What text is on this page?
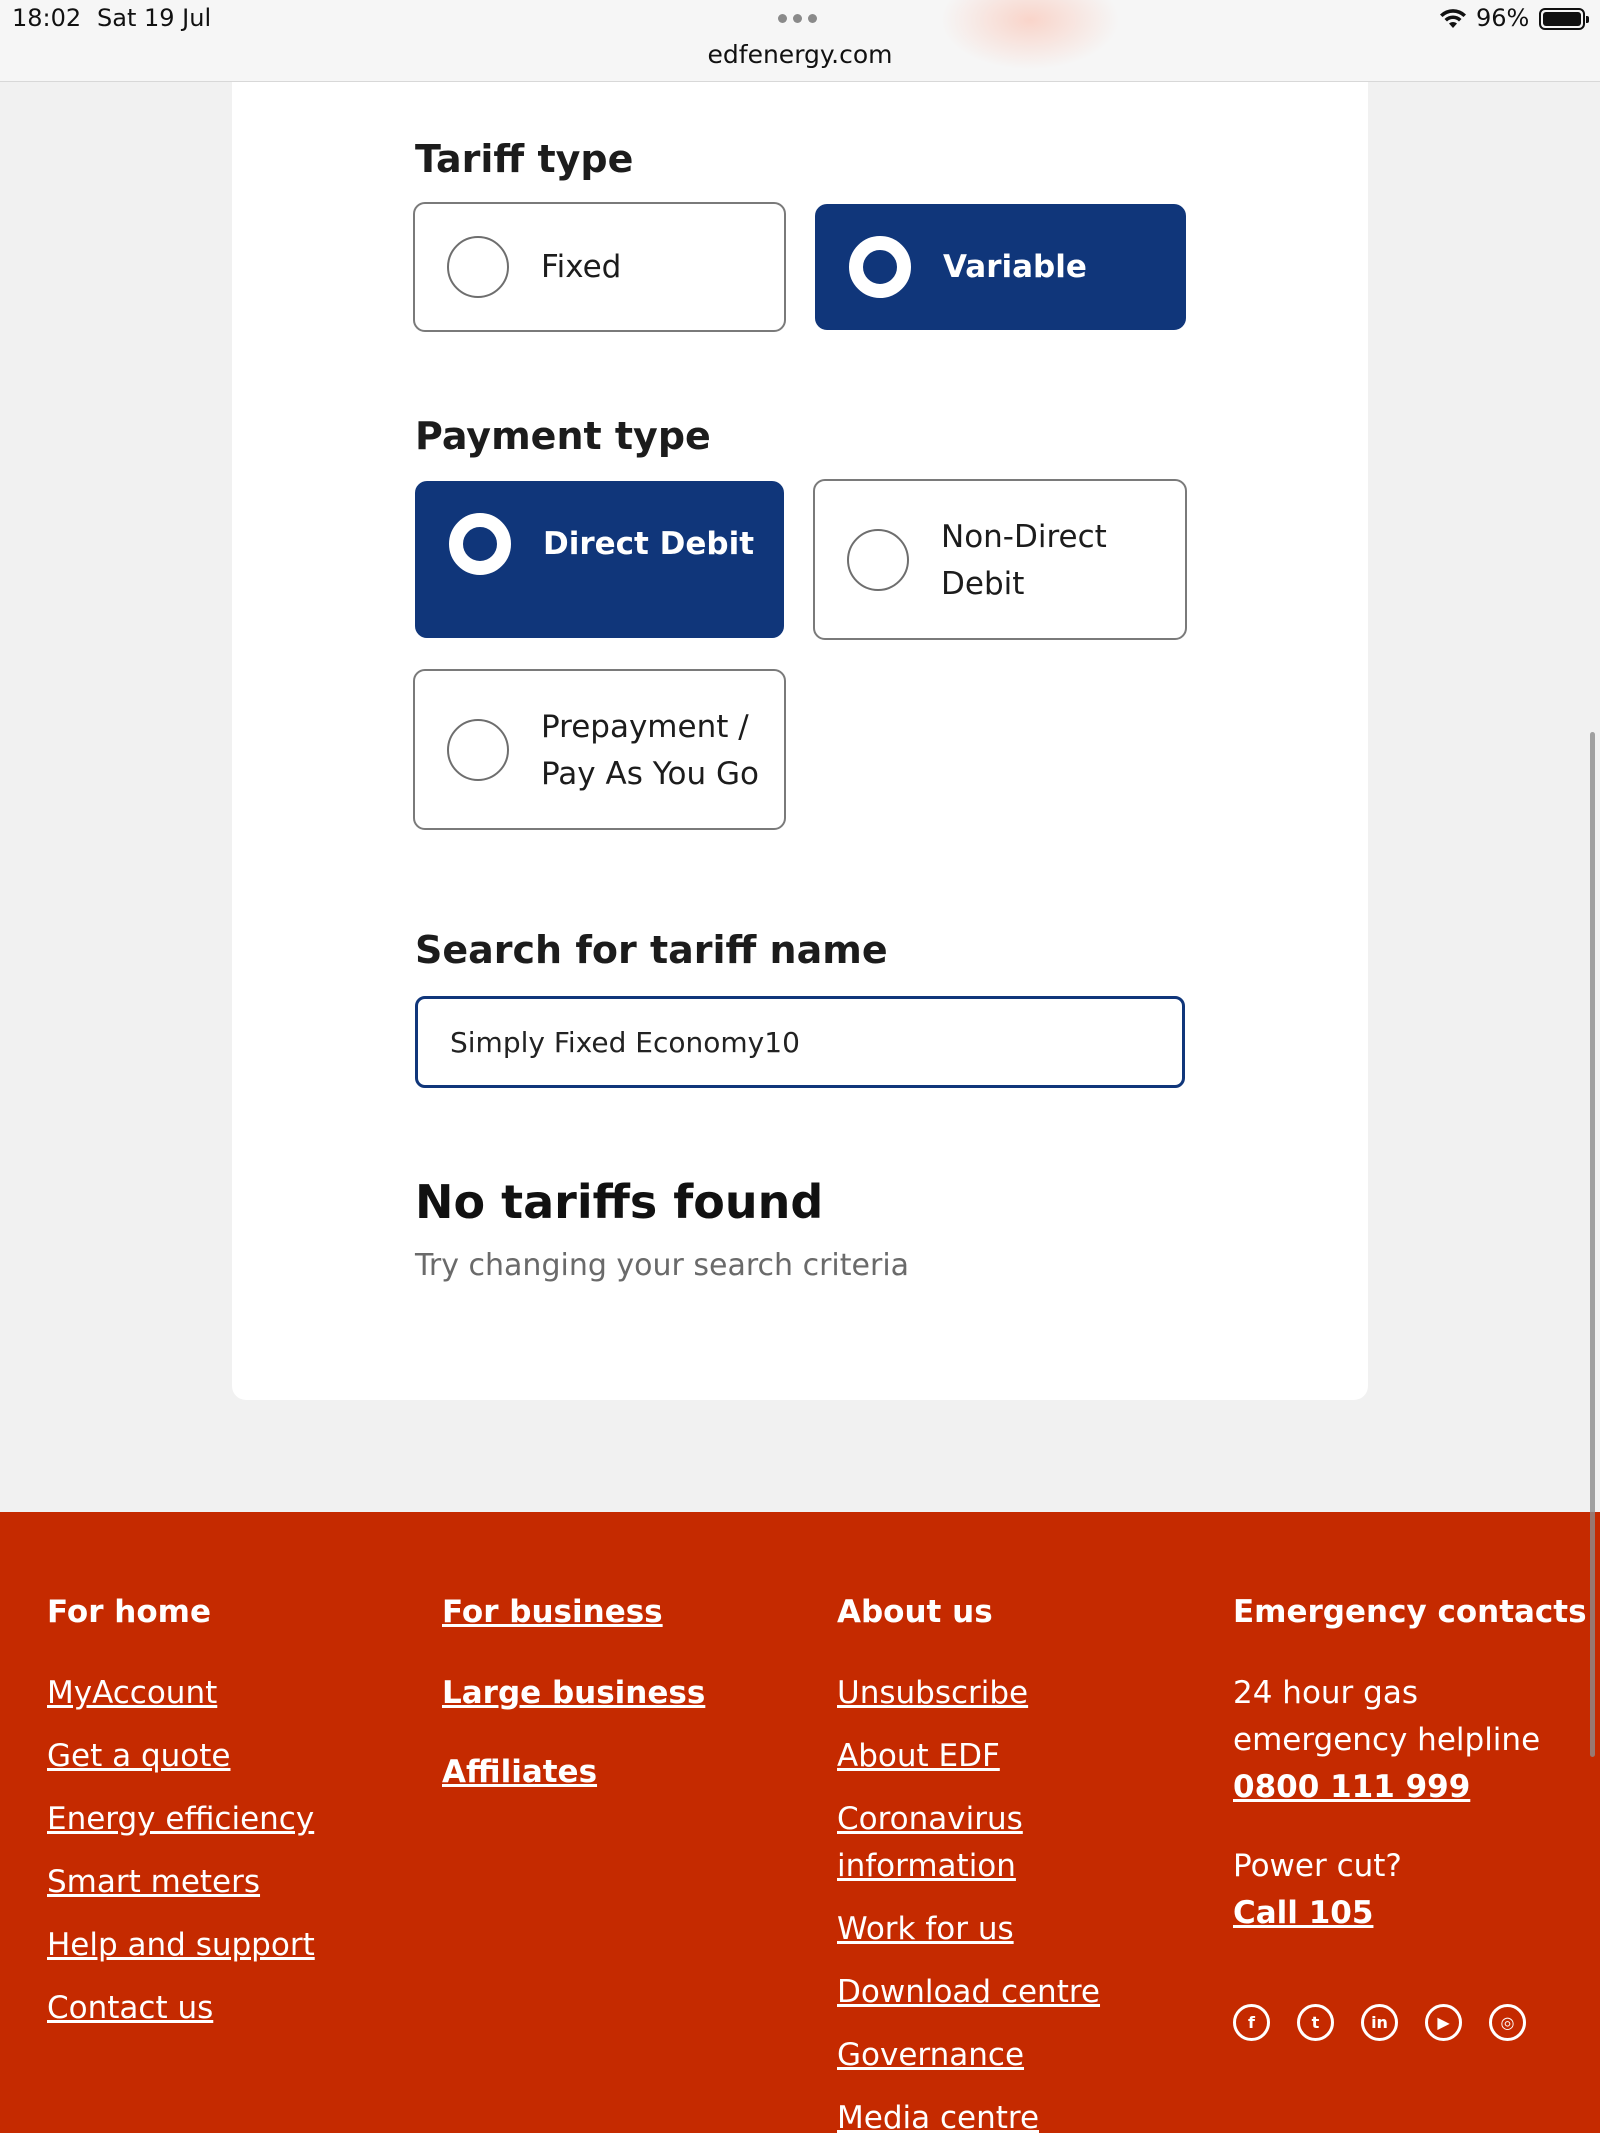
18:02 Sat 19 Jul
edfenergy.com
96%
Tariff type
Fixed	Variable
Payment type
Direct Debit	Non-Direct
Debit
Prepayment /
Pay As You Go
Search for tariff name
Simply Fixed Economy10
No tariffs found
Try changing your search criteria
For home
MyAccount
Get a quote
Energy efficiency
Smart meters
Help and support
Contact us
For business
Large business
Affiliates
About us
Unsubscribe
About EDF
Coronavirus
information
Work for us
Download centre
Governance
Media centre
Emergency contacts
24 hour gas
emergency helpline
0800 111 999
Power cut?
Call 105
f	t	in	▶	◎
